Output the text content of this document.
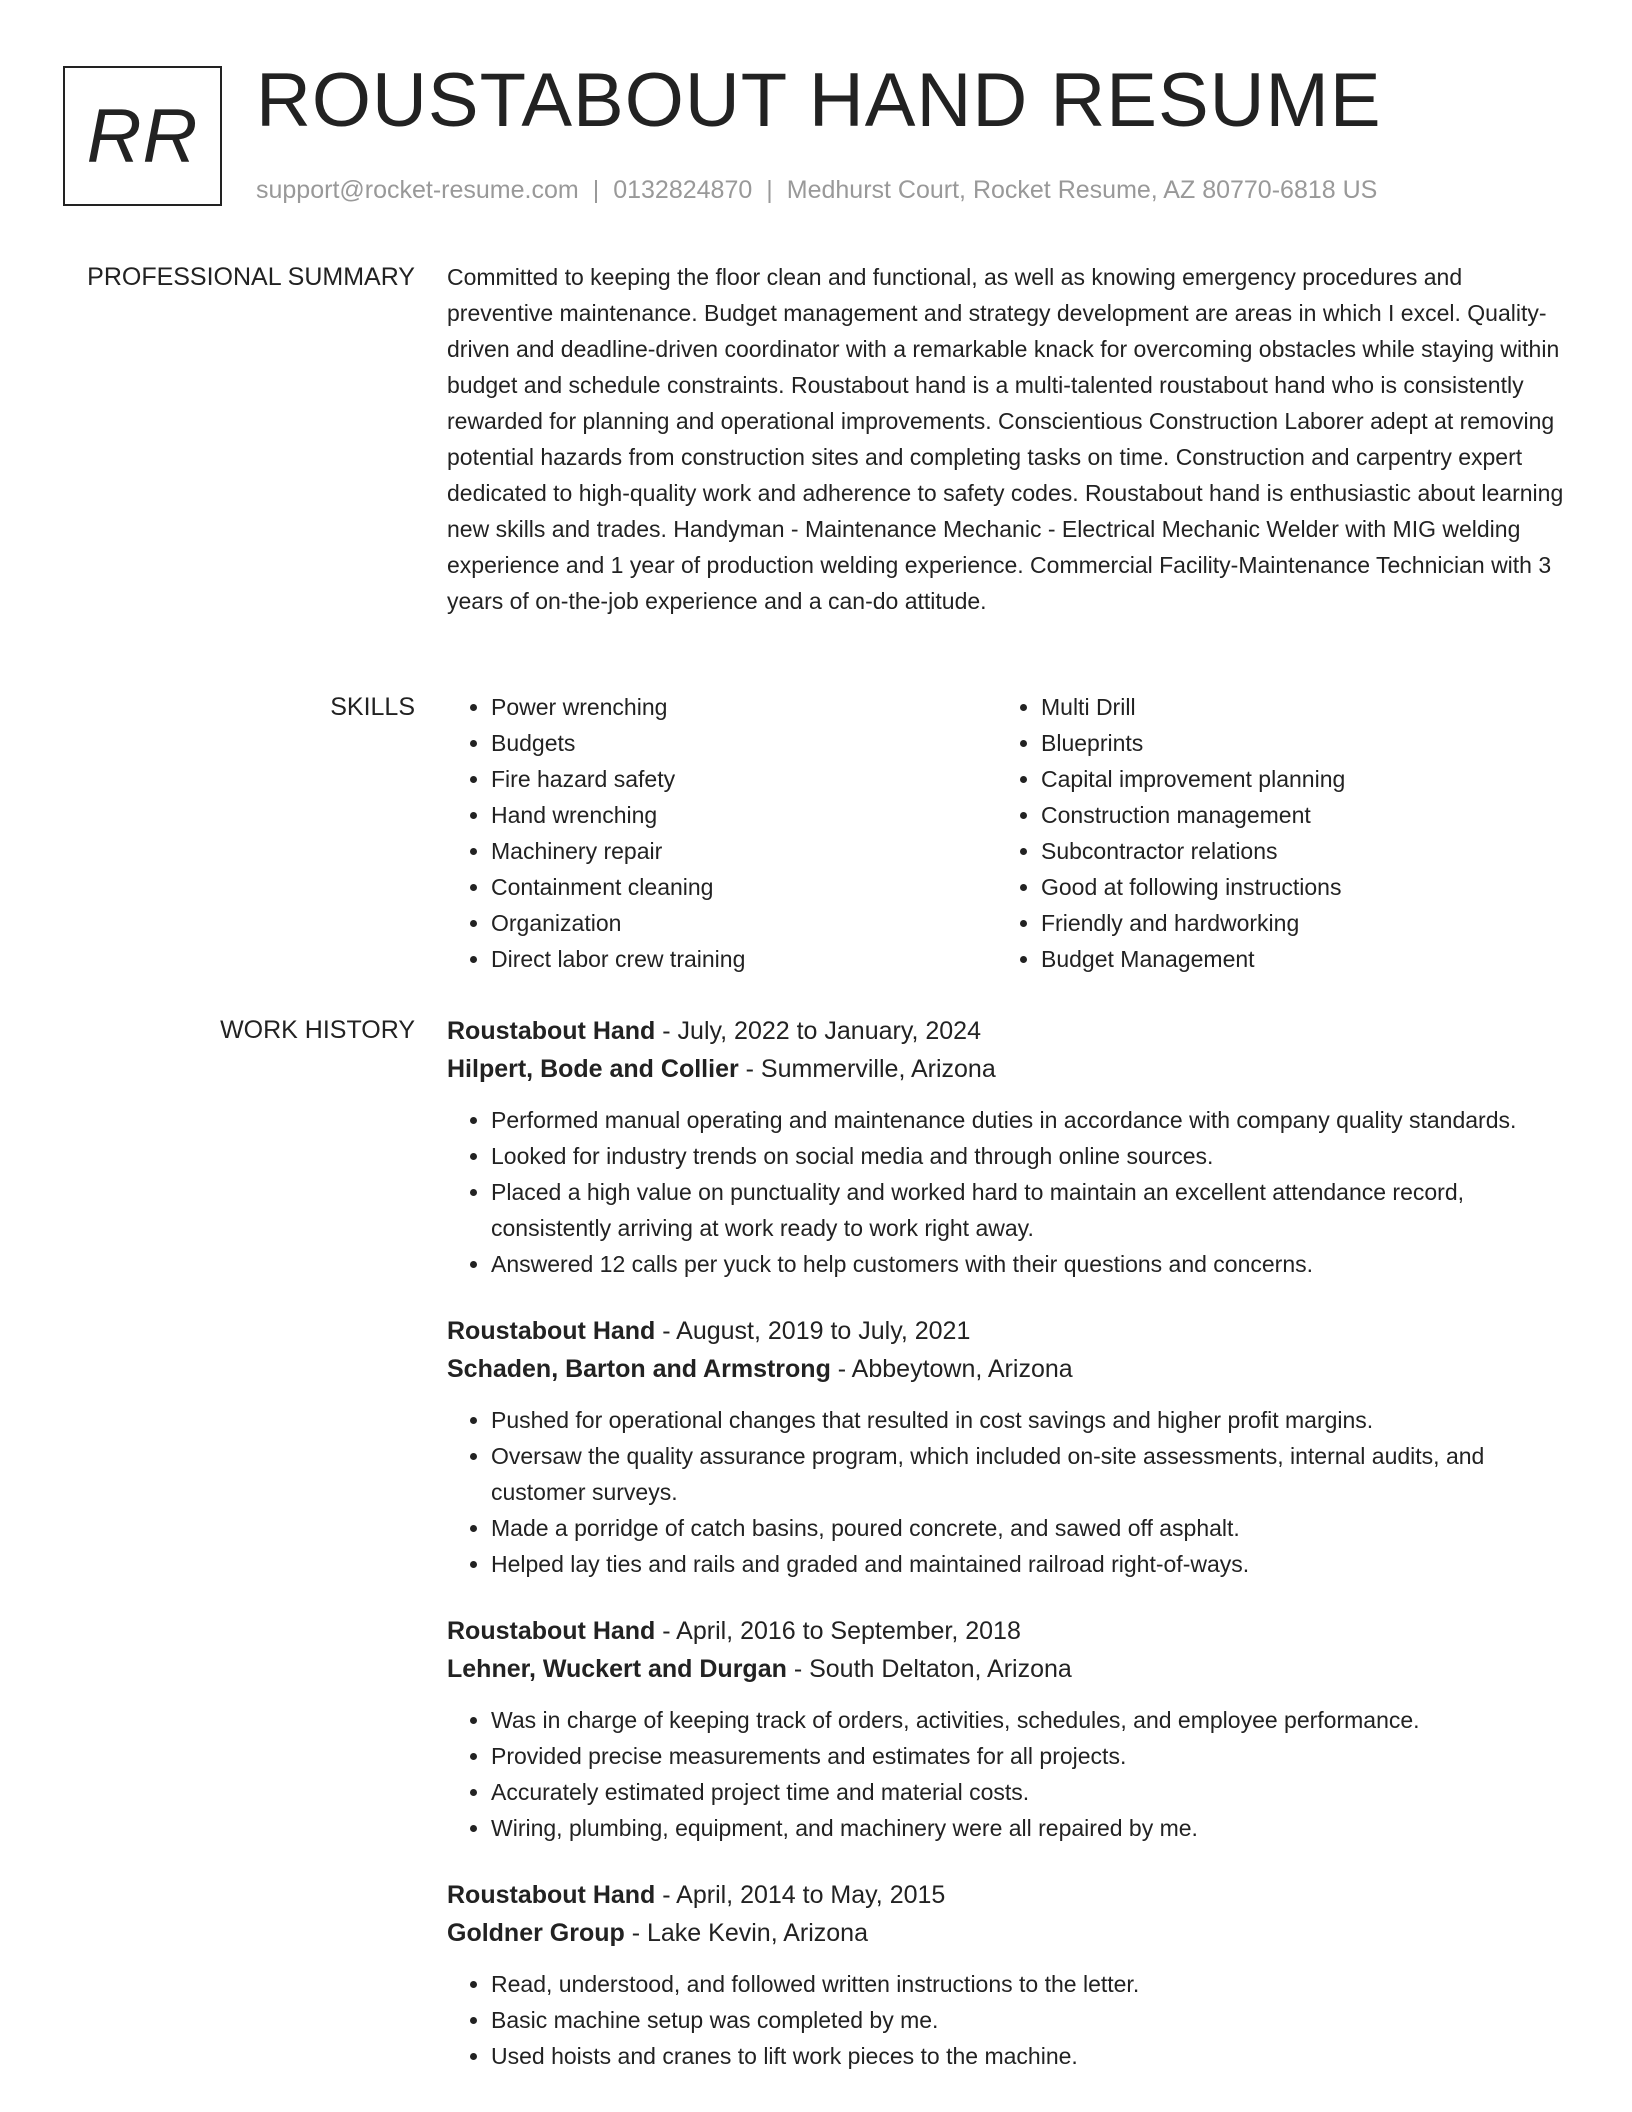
RR ROUSTABOUT HAND RESUME
support@rocket-resume.com | 0132824870 | Medhurst Court, Rocket Resume, AZ 80770-6818 US
PROFESSIONAL SUMMARY Committed to keeping the floor clean and functional, as well as knowing emergency procedures and preventive maintenance. Budget management and strategy development are areas in which I excel. Quality-driven and deadline-driven coordinator with a remarkable knack for overcoming obstacles while staying within budget and schedule constraints. Roustabout hand is a multi-talented roustabout hand who is consistently rewarded for planning and operational improvements. Conscientious Construction Laborer adept at removing potential hazards from construction sites and completing tasks on time. Construction and carpentry expert dedicated to high-quality work and adherence to safety codes. Roustabout hand is enthusiastic about learning new skills and trades. Handyman - Maintenance Mechanic - Electrical Mechanic Welder with MIG welding experience and 1 year of production welding experience. Commercial Facility-Maintenance Technician with 3 years of on-the-job experience and a can-do attitude.

SKILLS
•	Power wrenching
• Budgets
• Fire hazard safety
• Hand wrenching
• Machinery repair
• Containment cleaning
• Organization
• Direct labor crew training
• Multi Drill
• Blueprints
• Capital improvement planning
• Construction management
• Subcontractor relations
• Good at following instructions
• Friendly and hardworking
• Budget Management
WORK HISTORY Roustabout Hand - July, 2022 to January, 2024
Hilpert, Bode and Collier - Summerville, Arizona
• Performed manual operating and maintenance duties in accordance with company quality standards.
• Looked for industry trends on social media and through online sources.
• Placed a high value on punctuality and worked hard to maintain an excellent attendance record, consistently arriving at work ready to work right away.
• Answered 12 calls per yuck to help customers with their questions and concerns.
Roustabout Hand - August, 2019 to July, 2021
Schaden, Barton and Armstrong - Abbeytown, Arizona
• Pushed for operational changes that resulted in cost savings and higher profit margins.
• Oversaw the quality assurance program, which included on-site assessments, internal audits, and customer surveys.
• Made a porridge of catch basins, poured concrete, and sawed off asphalt.
• Helped lay ties and rails and graded and maintained railroad right-of-ways.
Roustabout Hand - April, 2016 to September, 2018
Lehner, Wuckert and Durgan - South Deltaton, Arizona
• Was in charge of keeping track of orders, activities, schedules, and employee performance.
• Provided precise measurements and estimates for all projects.
• Accurately estimated project time and material costs.
• Wiring, plumbing, equipment, and machinery were all repaired by me.
Roustabout Hand - April, 2014 to May, 2015
Goldner Group - Lake Kevin, Arizona
• Read, understood, and followed written instructions to the letter.
• Basic machine setup was completed by me.
• Used hoists and cranes to lift work pieces to the machine.
